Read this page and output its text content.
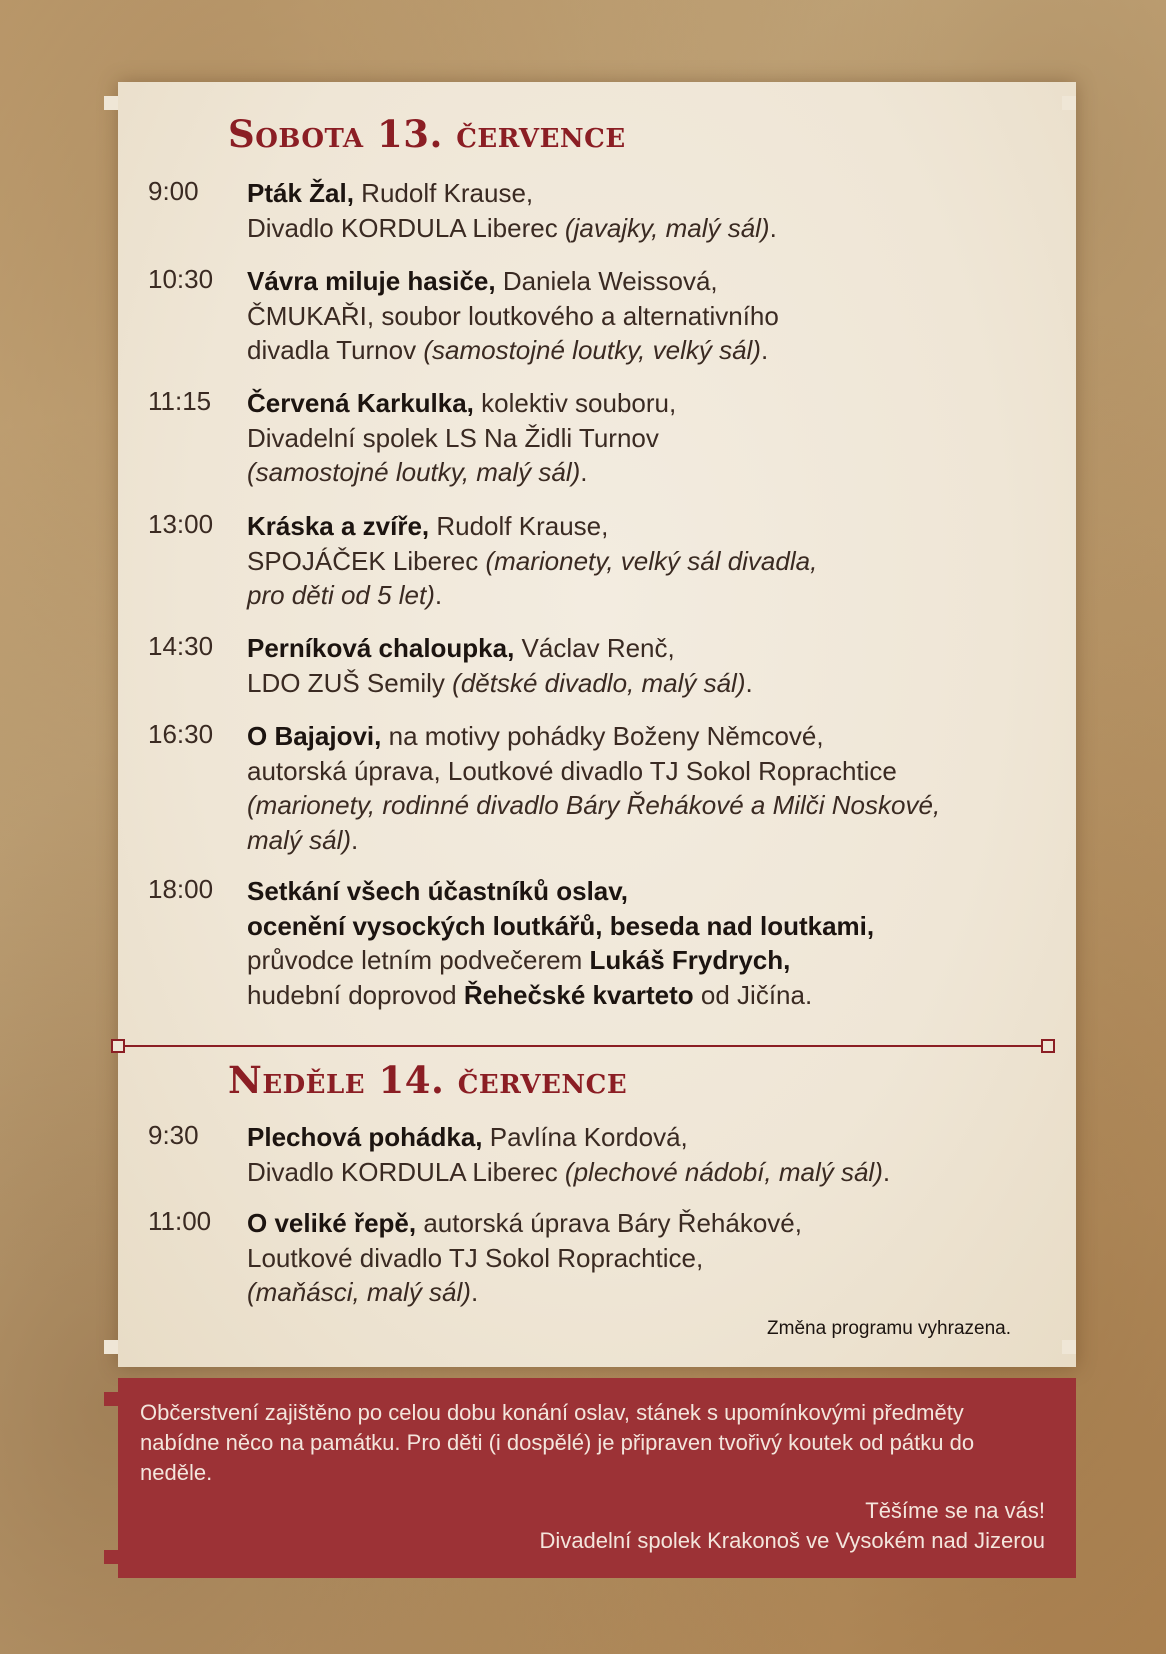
Sobota 13. července
9:00 Pták Žal, Rudolf Krause,
Divadlo KORDULA Liberec (javajky, malý sál).
10:30 Vávra miluje hasiče, Daniela Weissová,
ČMUKAŘI, soubor loutkového a alternativního
divadla Turnov (samostojné loutky, velký sál).
11:15 Červená Karkulka, kolektiv souboru,
Divadelní spolek LS Na Židli Turnov
(samostojné loutky, malý sál).
13:00 Kráska a zvíře, Rudolf Krause,
SPOJÁČEK Liberec (marionety, velký sál divadla,
pro děti od 5 let).
14:30 Perníková chaloupka, Václav Renč,
LDO ZUŠ Semily (dětské divadlo, malý sál).
16:30 O Bajajovi, na motivy pohádky Boženy Němcové,
autorská úprava, Loutkové divadlo TJ Sokol Roprachtice
(marionety, rodinné divadlo Báry Řehákové a Milči Noskové,
malý sál).
18:00 Setkání všech účastníků oslav,
ocenění vysockých loutkářů, beseda nad loutkami,
průvodce letním podvečerem Lukáš Frydrych,
hudební doprovod Řehečské kvarteto od Jičína.
Neděle 14. července
9:30 Plechová pohádka, Pavlína Kordová,
Divadlo KORDULA Liberec (plechové nádobí, malý sál).
11:00 O veliké řepě, autorská úprava Báry Řehákové,
Loutkové divadlo TJ Sokol Roprachtice,
(maňásci, malý sál).
Změna programu vyhrazena.
Občerstvení zajištěno po celou dobu konání oslav, stánek s upomínkovými předměty nabídne něco na památku. Pro děti (i dospělé) je připraven tvořivý koutek od pátku do neděle.
Těšíme se na vás!
Divadelní spolek Krakonoš ve Vysokém nad Jizerou
